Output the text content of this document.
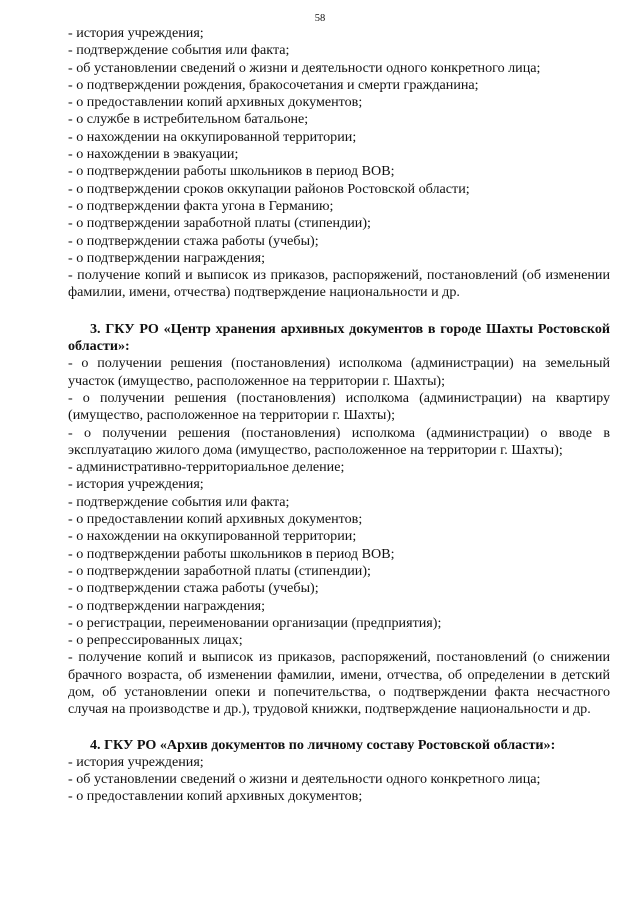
58

- история учреждения;

- подтверждение события или факта;

- об установлении сведений о жизни и деятельности одного конкретного лица;

- о подтверждении рождения, бракосочетания и смерти гражданина;

- о предоставлении копий архивных документов;

- о службе в истребительном батальоне;

- о нахождении на оккупированной территории;

- о нахождении в эвакуации;

- о подтверждении работы школьников в период ВОВ;

- о подтверждении сроков оккупации районов Ростовской области;

- о подтверждении факта угона в Германию;

- о подтверждении заработной платы (стипендии);

- о подтверждении стажа работы (учебы);

- о подтверждении награждения;

- получение копий и выписок из приказов, распоряжений, постановлений (об изменении фамилии, имени, отчества) подтверждение национальности и др.

3. ГКУ РО «Центр хранения архивных документов в городе Шахты Ростовской области»:

- о получении решения (постановления) исполкома (администрации) на земельный участок (имущество, расположенное на территории г. Шахты);

- о получении решения (постановления) исполкома (администрации) на квартиру (имущество, расположенное на территории г. Шахты);

- о получении решения (постановления) исполкома (администрации) о вводе в эксплуатацию жилого дома (имущество, расположенное на территории г. Шахты);

- административно-территориальное деление;

- история учреждения;

- подтверждение события или факта;

- о предоставлении копий архивных документов;

- о нахождении на оккупированной территории;

- о подтверждении работы школьников в период ВОВ;

- о подтверждении заработной платы (стипендии);

- о подтверждении стажа работы (учебы);

- о подтверждении награждения;

- о регистрации, переименовании организации (предприятия);

- о репрессированных лицах;

- получение копий и выписок из приказов, распоряжений, постановлений (о снижении брачного возраста, об изменении фамилии, имени, отчества, об определении в детский дом, об установлении опеки и попечительства, о подтверждении факта несчастного случая на производстве и др.), трудовой книжки, подтверждение национальности и др.

4. ГКУ РО «Архив документов по личному составу Ростовской области»:

- история учреждения;

- об установлении сведений о жизни и деятельности одного конкретного лица;

- о предоставлении копий архивных документов;
